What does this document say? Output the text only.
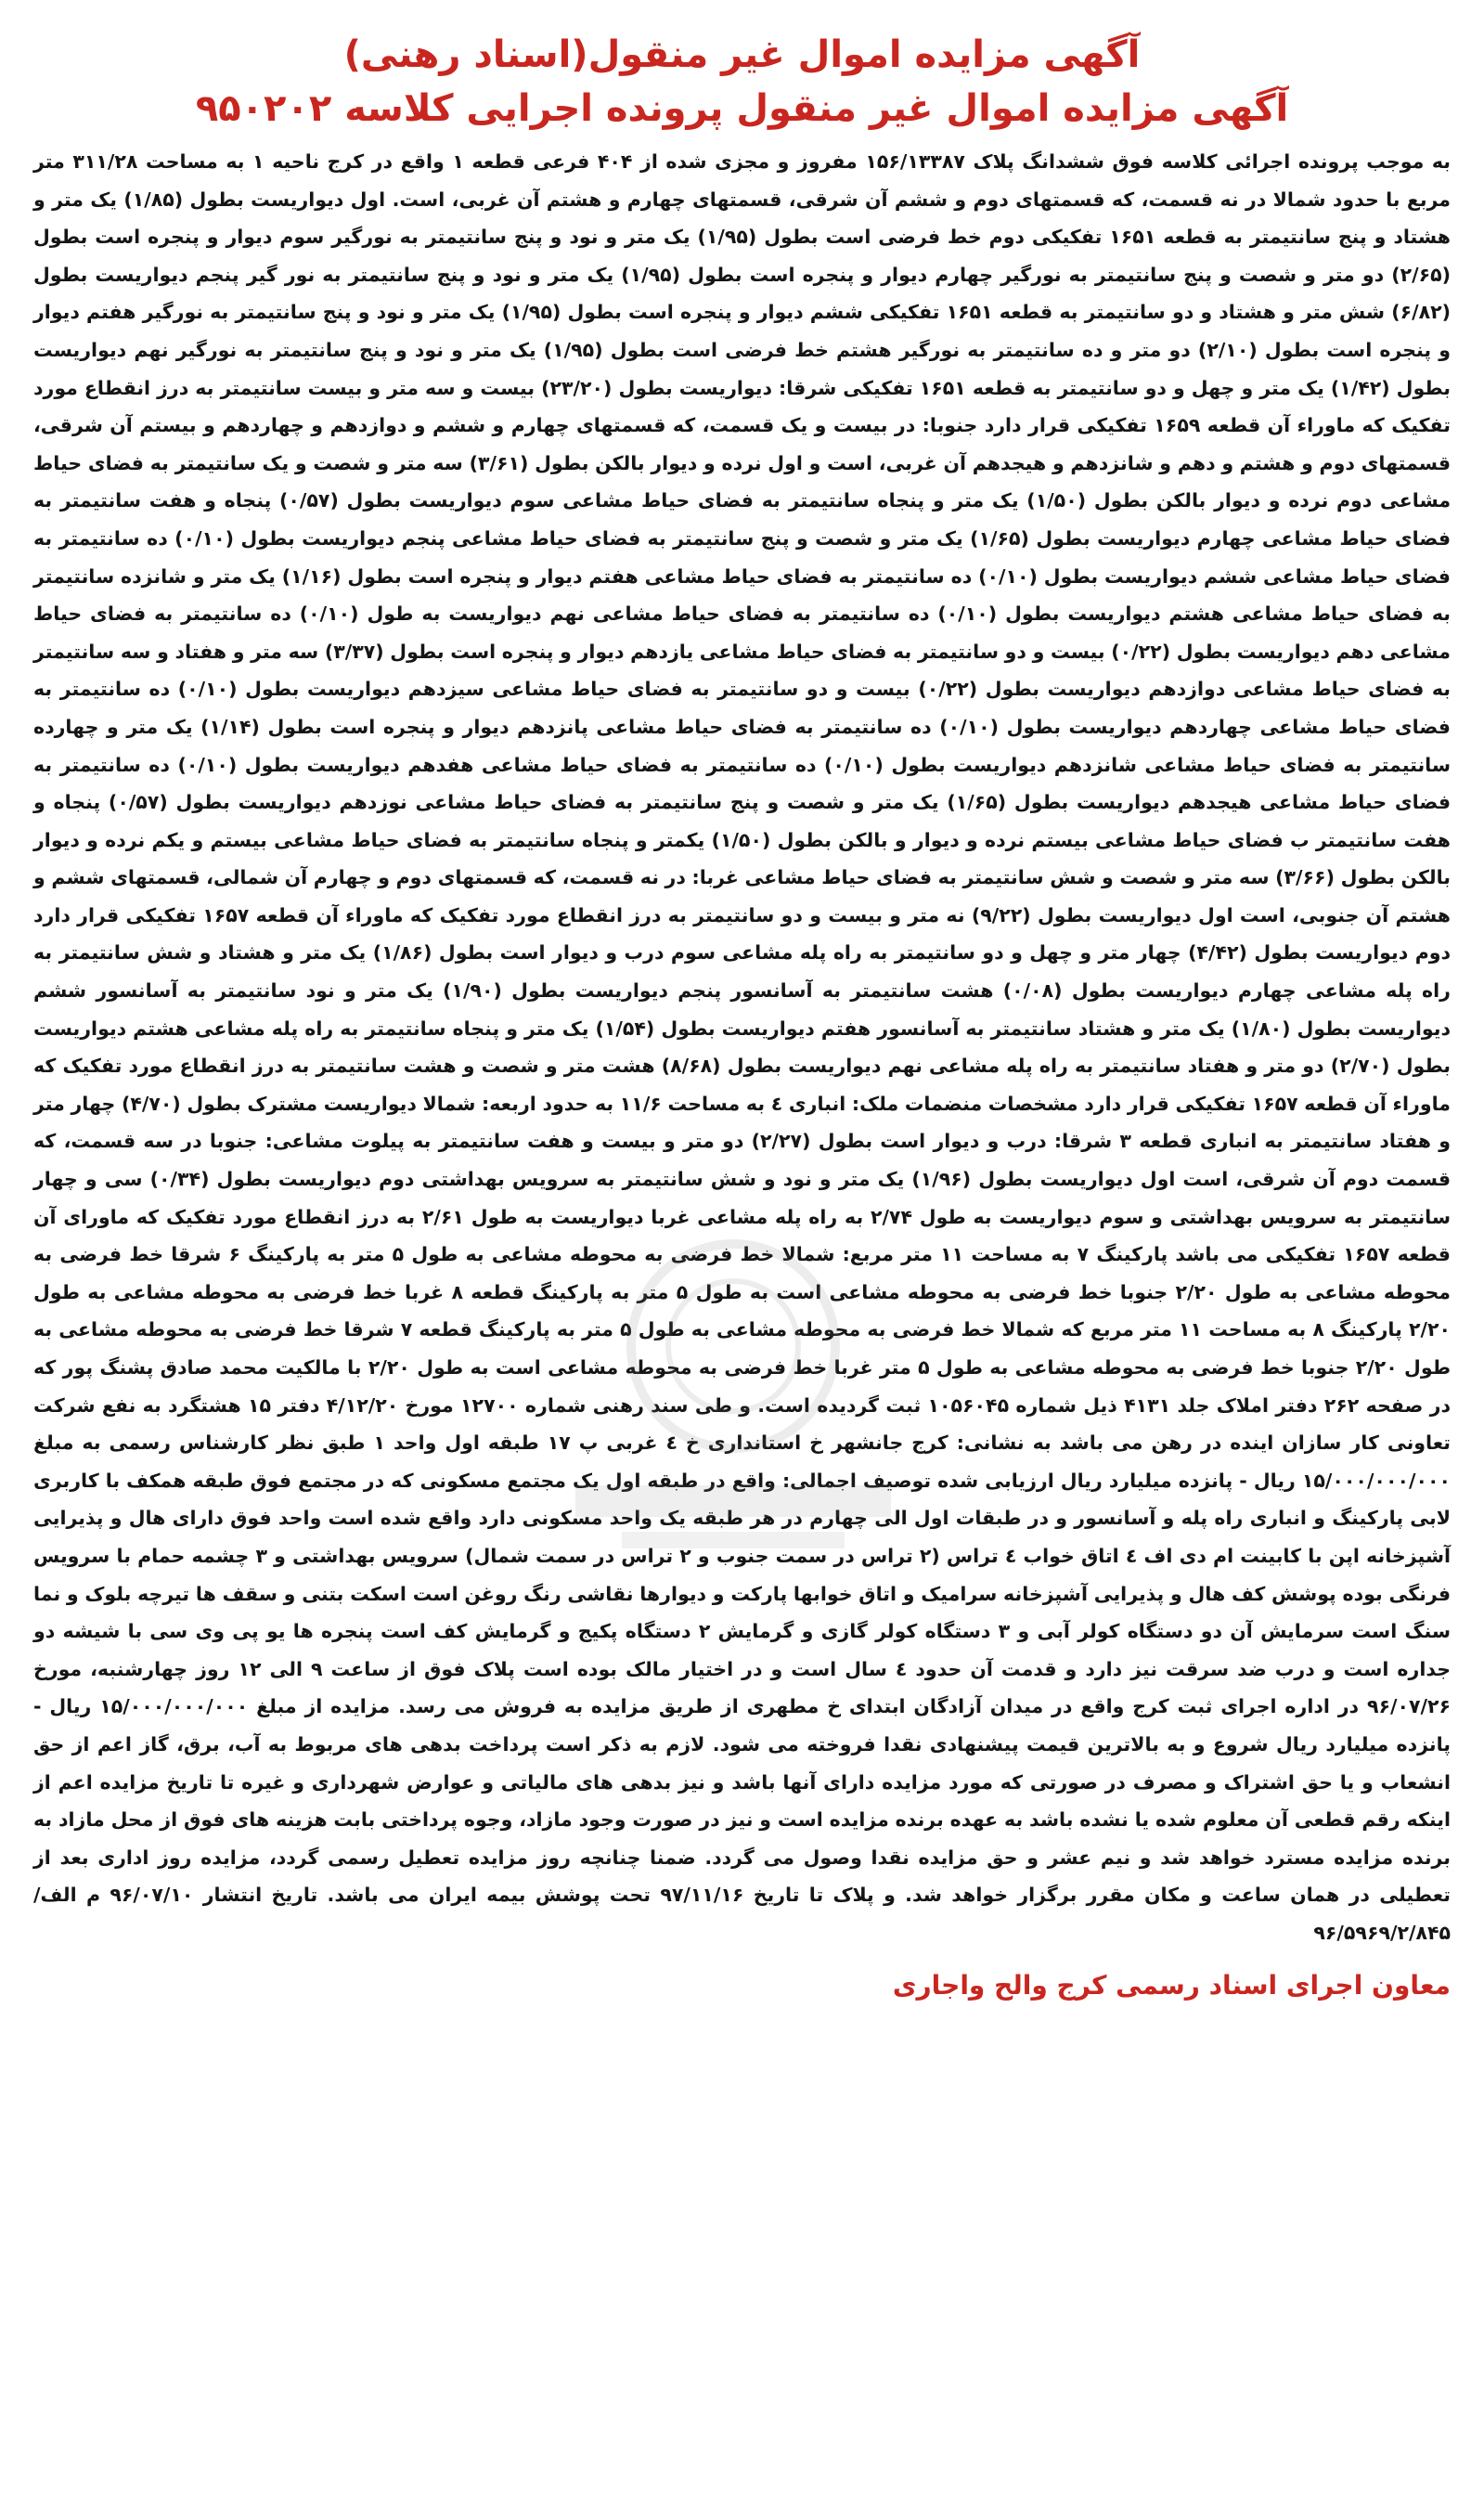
آگهی مزایده اموال غیر منقول(اسناد رهنی)
آگهی مزایده اموال غیر منقول پرونده اجرایی کلاسه ۹۵۰۲۰۲

به موجب پرونده اجرائی کلاسه فوق ششدانگ پلاک ۱۵۶/۱۳۳۸۷ مفروز و مجزی شده از ۴۰۴ فرعی قطعه ۱ واقع در کرج ناحیه ۱ به مساحت ۳۱۱/۲۸ متر مربع با حدود شمالا در نه قسمت، که قسمتهای دوم و ششم آن شرقی، قسمتهای چهارم و هشتم آن غربی، است. اول دیواریست بطول (۱/۸۵) یک متر و هشتاد و پنج سانتیمتر به قطعه ۱۶۵۱ تفکیکی دوم خط فرضی است بطول (۱/۹۵) یک متر و نود و پنج سانتیمتر به نورگیر سوم دیوار و پنجره است بطول (۲/۶۵) دو متر و شصت و پنج سانتیمتر به نورگیر چهارم دیوار و پنجره است بطول (۱/۹۵) یک متر و نود و پنج سانتیمتر به نور گیر پنجم دیواریست بطول (۶/۸۲) شش متر و هشتاد و دو سانتیمتر به قطعه ۱۶۵۱ تفکیکی ششم دیوار و پنجره است بطول (۱/۹۵) یک متر و نود و پنج سانتیمتر به نورگیر هفتم دیوار و پنجره است بطول (۲/۱۰) دو متر و ده سانتیمتر به نورگیر هشتم خط فرضی است بطول (۱/۹۵) یک متر و نود و پنج سانتیمتر به نورگیر نهم دیواریست بطول (۱/۴۲) یک متر و چهل و دو سانتیمتر به قطعه ۱۶۵۱ تفکیکی شرقا: دیواریست بطول (۲۳/۲۰) بیست و سه متر و بیست سانتیمتر به درز انقطاع مورد تفکیک که ماوراء آن قطعه ۱۶۵۹ تفکیکی قرار دارد جنوبا: در بیست و یک قسمت، که قسمتهای چهارم و ششم و دوازدهم و چهاردهم و بیستم آن شرقی، قسمتهای دوم و هشتم و دهم و شانزدهم و هیجدهم آن غربی، است و اول نرده و دیوار بالکن بطول (۳/۶۱) سه متر و شصت و یک سانتیمتر به فضای حیاط مشاعی دوم نرده و دیوار بالکن بطول (۱/۵۰) یک متر و پنجاه سانتیمتر به فضای حیاط مشاعی سوم دیواریست بطول (۰/۵۷) پنجاه و هفت سانتیمتر به فضای حیاط مشاعی چهارم دیواریست بطول (۱/۶۵) یک متر و شصت و پنج سانتیمتر به فضای حیاط مشاعی پنجم دیواریست بطول (۰/۱۰) ده سانتیمتر به فضای حیاط مشاعی ششم دیواریست بطول (۰/۱۰) ده سانتیمتر به فضای حیاط مشاعی هفتم دیوار و پنجره است بطول (۱/۱۶) یک متر و شانزده سانتیمتر به فضای حیاط مشاعی هشتم دیواریست بطول (۰/۱۰) ده سانتیمتر به فضای حیاط مشاعی نهم دیواریست به طول (۰/۱۰) ده سانتیمتر به فضای حیاط مشاعی دهم دیواریست بطول (۰/۲۲) بیست و دو سانتیمتر به فضای حیاط مشاعی یازدهم دیوار و پنجره است بطول (۳/۳۷) سه متر و هفتاد و سه سانتیمتر به فضای حیاط مشاعی دوازدهم دیواریست بطول (۰/۲۲) بیست و دو سانتیمتر به فضای حیاط مشاعی سیزدهم دیواریست بطول (۰/۱۰) ده سانتیمتر به فضای حیاط مشاعی چهاردهم دیواریست بطول (۰/۱۰) ده سانتیمتر به فضای حیاط مشاعی پانزدهم دیوار و پنجره است بطول (۱/۱۴) یک متر و چهارده سانتیمتر به فضای حیاط مشاعی شانزدهم دیواریست بطول (۰/۱۰) ده سانتیمتر به فضای حیاط مشاعی هفدهم دیواریست بطول (۰/۱۰) ده سانتیمتر به فضای حیاط مشاعی هیجدهم دیواریست بطول (۱/۶۵) یک متر و شصت و پنج سانتیمتر به فضای حیاط مشاعی نوزدهم دیواریست بطول (۰/۵۷) پنجاه و هفت سانتیمتر ب فضای حیاط مشاعی بیستم نرده و دیوار و بالکن بطول (۱/۵۰) یکمتر و پنجاه سانتیمتر به فضای حیاط مشاعی بیستم و یکم نرده و دیوار بالکن بطول (۳/۶۶) سه متر و شصت و شش سانتیمتر به فضای حیاط مشاعی غربا: در نه قسمت، که قسمتهای دوم و چهارم آن شمالی، قسمتهای ششم و هشتم آن جنوبی، است اول دیواریست بطول (۹/۲۲) نه متر و بیست و دو سانتیمتر به درز انقطاع مورد تفکیک که ماوراء آن قطعه ۱۶۵۷ تفکیکی قرار دارد دوم دیواریست بطول (۴/۴۲) چهار متر و چهل و دو سانتیمتر به راه پله مشاعی سوم درب و دیوار است بطول (۱/۸۶) یک متر و هشتاد و شش سانتیمتر به راه پله مشاعی چهارم دیواریست بطول (۰/۰۸) هشت سانتیمتر به آسانسور پنجم دیواریست بطول (۱/۹۰) یک متر و نود سانتیمتر به آسانسور ششم دیواریست بطول (۱/۸۰) یک متر و هشتاد سانتیمتر به آسانسور هفتم دیواریست بطول (۱/۵۴) یک متر و پنجاه سانتیمتر به راه پله مشاعی هشتم دیواریست بطول (۲/۷۰) دو متر و هفتاد سانتیمتر به راه پله مشاعی نهم دیواریست بطول (۸/۶۸) هشت متر و شصت و هشت سانتیمتر به درز انقطاع مورد تفکیک که ماوراء آن قطعه ۱۶۵۷ تفکیکی قرار دارد مشخصات منضمات ملک: انباری ٤ به مساحت ۱۱/۶ به حدود اربعه: شمالا دیواریست مشترک بطول (۴/۷۰) چهار متر و هفتاد سانتیمتر به انباری قطعه ۳ شرقا: درب و دیوار است بطول (۲/۲۷) دو متر و بیست و هفت سانتیمتر به پیلوت مشاعی: جنوبا در سه قسمت، که قسمت دوم آن شرقی، است اول دیواریست بطول (۱/۹۶) یک متر و نود و شش سانتیمتر به سرویس بهداشتی دوم دیواریست بطول (۰/۳۴) سی و چهار سانتیمتر به سرویس بهداشتی و سوم دیواریست به طول ۲/۷۴ به راه پله مشاعی غربا دیواریست به طول ۲/۶۱ به درز انقطاع مورد تفکیک که ماورای آن قطعه ۱۶۵۷ تفکیکی می باشد پارکینگ ۷ به مساحت ۱۱ متر مربع: شمالا خط فرضی به محوطه مشاعی به طول ۵ متر به پارکینگ ۶ شرقا خط فرضی به محوطه مشاعی به طول ۲/۲۰ جنوبا خط فرضی به محوطه مشاعی است به طول ۵ متر به پارکینگ قطعه ۸ غربا خط فرضی به محوطه مشاعی به طول ۲/۲۰ پارکینگ ۸ به مساحت ۱۱ متر مربع که شمالا خط فرضی به محوطه مشاعی به طول ۵ متر به پارکینگ قطعه ۷ شرقا خط فرضی به محوطه مشاعی به طول ۲/۲۰ جنوبا خط فرضی به محوطه مشاعی به طول ۵ متر غربا خط فرضی به محوطه مشاعی است به طول ۲/۲۰ با مالکیت محمد صادق پشنگ پور که در صفحه ۲۶۲ دفتر املاک جلد ۴۱۳۱ ذیل شماره ۱۰۵۶۰۴۵ ثبت گردیده است. و طی سند رهنی شماره ۱۲۷۰۰ مورخ ۴/۱۲/۲۰ دفتر ۱۵ هشتگرد به نفع شرکت تعاونی کار سازان اینده در رهن می باشد به نشانی: کرج جانشهر خ استانداری خ ٤ غربی پ ۱۷ طبقه اول واحد ۱ طبق نظر کارشناس رسمی به مبلغ ۱۵/۰۰۰/۰۰۰/۰۰۰ ریال - پانزده میلیارد ریال ارزیابی شده توصیف اجمالی: واقع در طبقه اول یک مجتمع مسکونی که در مجتمع فوق طبقه همکف با کاربری لابی پارکینگ و انباری راه پله و آسانسور و در طبقات اول الی چهارم در هر طبقه یک واحد مسکونی دارد واقع شده است واحد فوق دارای هال و پذیرایی آشپزخانه اپن با کابینت ام دی اف ٤ اتاق خواب ٤ تراس (۲ تراس در سمت جنوب و ۲ تراس در سمت شمال) سرویس بهداشتی و ۳ چشمه حمام با سرویس فرنگی بوده پوشش کف هال و پذیرایی آشپزخانه سرامیک و اتاق خوابها پارکت و دیوارها نقاشی رنگ روغن است اسکت بتنی و سقف ها تیرچه بلوک و نما سنگ است سرمایش آن دو دستگاه کولر آبی و ۳ دستگاه کولر گازی و گرمایش ۲ دستگاه پکیج و گرمایش کف است پنجره ها یو پی وی سی با شیشه دو جداره است و درب ضد سرقت نیز دارد و قدمت آن حدود ٤ سال است و در اختیار مالک بوده است پلاک فوق از ساعت ۹ الی ۱۲ روز چهارشنبه، مورخ ۹۶/۰۷/۲۶ در اداره اجرای ثبت کرج واقع در میدان آزادگان ابتدای خ مطهری از طریق مزایده به فروش می رسد. مزایده از مبلغ ۱۵/۰۰۰/۰۰۰/۰۰۰ ریال - پانزده میلیارد ریال شروع و به بالاترین قیمت پیشنهادی نقدا فروخته می شود. لازم به ذکر است پرداخت بدهی های مربوط به آب، برق، گاز اعم از حق انشعاب و یا حق اشتراک و مصرف در صورتی که مورد مزایده دارای آنها باشد و نیز بدهی های مالیاتی و عوارض شهرداری و غیره تا تاریخ مزایده اعم از اینکه رقم قطعی آن معلوم شده یا نشده باشد به عهده برنده مزایده است و نیز در صورت وجود مازاد، وجوه پرداختی بابت هزینه های فوق از محل مازاد به برنده مزایده مسترد خواهد شد و نیم عشر و حق مزایده نقدا وصول می گردد. ضمنا چنانچه روز مزایده تعطیل رسمی گردد، مزایده روز اداری بعد از تعطیلی در همان ساعت و مکان مقرر برگزار خواهد شد. و پلاک تا تاریخ ۹۷/۱۱/۱۶ تحت پوشش بیمه ایران می باشد. تاریخ انتشار ۹۶/۰۷/۱۰ م الف/ ۹۶/۵۹۶۹/۲/۸۴۵

معاون اجرای اسناد رسمی کرج والح واجاری
